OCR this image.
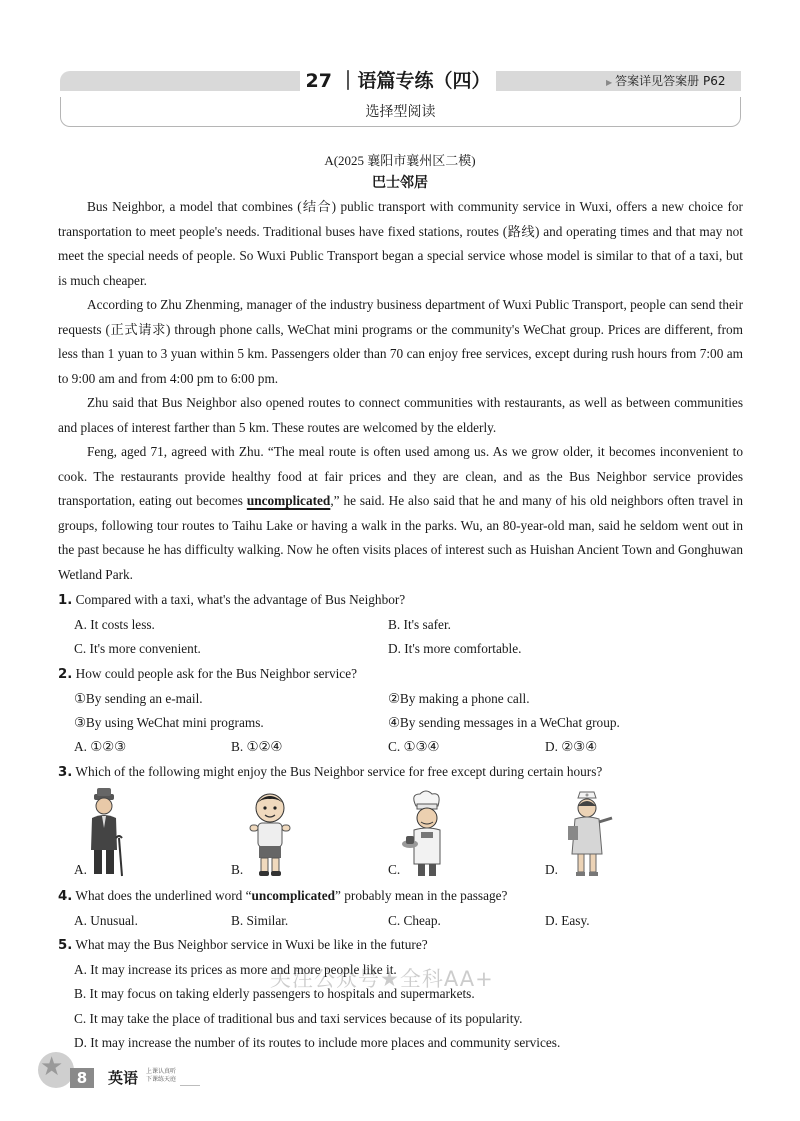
27 ｜语篇专练（四）	▶ 答案详见答案册 P62
选择型阅读
A(2025 襄阳市襄州区二模)
巴士邻居

Bus Neighbor, a model that combines (结合) public transport with community service in Wuxi, offers a new choice for transportation to meet people's needs. Traditional buses have fixed stations, routes (路线) and operating times and that may not meet the special needs of people. So Wuxi Public Transport began a special service whose model is similar to that of a taxi, but is much cheaper.

According to Zhu Zhenming, manager of the industry business department of Wuxi Public Transport, people can send their requests (正式请求) through phone calls, WeChat mini programs or the community's WeChat group. Prices are different, from less than 1 yuan to 3 yuan within 5 km. Passengers older than 70 can enjoy free services, except during rush hours from 7:00 am to 9:00 am and from 4:00 pm to 6:00 pm.

Zhu said that Bus Neighbor also opened routes to connect communities with restaurants, as well as between communities and places of interest farther than 5 km. These routes are welcomed by the elderly.

Feng, aged 71, agreed with Zhu. “The meal route is often used among us. As we grow older, it becomes inconvenient to cook. The restaurants provide healthy food at fair prices and they are clean, and as the Bus Neighbor service provides transportation, eating out becomes uncomplicated,” he said. He also said that he and many of his old neighbors often travel in groups, following tour routes to Taihu Lake or having a walk in the parks. Wu, an 80-year-old man, said he seldom went out in the past because he has difficulty walking. Now he often visits places of interest such as Huishan Ancient Town and Gonghuwan Wetland Park.

1. Compared with a taxi, what's the advantage of Bus Neighbor?
A. It costs less.	B. It's safer.
C. It's more convenient.	D. It's more comfortable.
2. How could people ask for the Bus Neighbor service?
①By sending an e-mail.	②By making a phone call.
③By using WeChat mini programs.	④By sending messages in a WeChat group.
A. ①②③	B. ①②④	C. ①③④	D. ②③④
3. Which of the following might enjoy the Bus Neighbor service for free except during certain hours?
A.	B.	C.	D.
4. What does the underlined word “uncomplicated” probably mean in the passage?
A. Unusual.	B. Similar.	C. Cheap.	D. Easy.
5. What may the Bus Neighbor service in Wuxi be like in the future?
A. It may increase its prices as more and more people like it.
B. It may focus on taking elderly passengers to hospitals and supermarkets.
C. It may take the place of traditional bus and taxi services because of its popularity.
D. It may increase the number of its routes to include more places and community services.
关注公众号★全科AA+
★ 8	英语 上课认真听
下课练天庭
